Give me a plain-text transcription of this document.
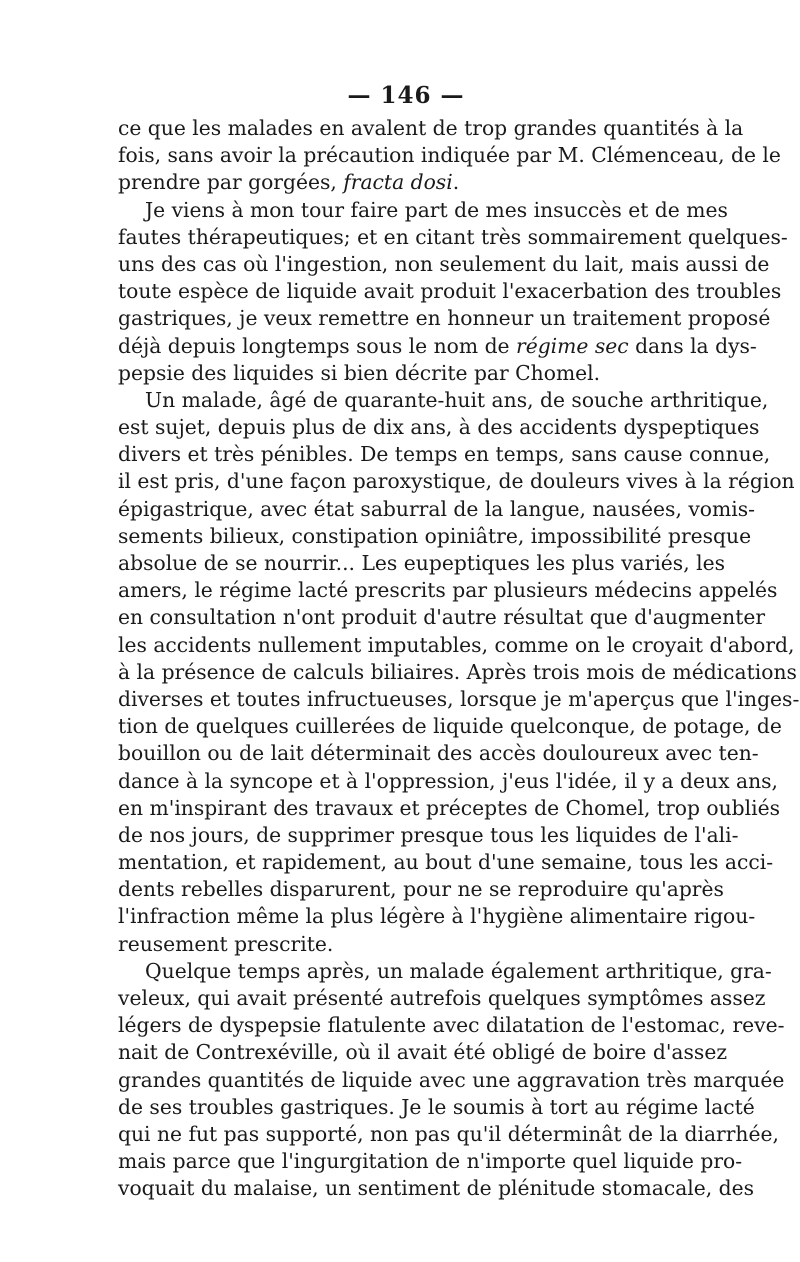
— 146 —
ce que les malades en avalent de trop grandes quantités à la
fois, sans avoir la précaution indiquée par M. Clémenceau, de le
prendre par gorgées, fracta dosi.
Je viens à mon tour faire part de mes insuccès et de mes
fautes thérapeutiques; et en citant très sommairement quelques-
uns des cas où l'ingestion, non seulement du lait, mais aussi de
toute espèce de liquide avait produit l'exacerbation des troubles
gastriques, je veux remettre en honneur un traitement proposé
déjà depuis longtemps sous le nom de régime sec dans la dys-
pepsie des liquides si bien décrite par Chomel.
Un malade, âgé de quarante-huit ans, de souche arthritique,
est sujet, depuis plus de dix ans, à des accidents dyspeptiques
divers et très pénibles. De temps en temps, sans cause connue,
il est pris, d'une façon paroxystique, de douleurs vives à la région
épigastrique, avec état saburral de la langue, nausées, vomis-
sements bilieux, constipation opiniâtre, impossibilité presque
absolue de se nourrir... Les eupeptiques les plus variés, les
amers, le régime lacté prescrits par plusieurs médecins appelés
en consultation n'ont produit d'autre résultat que d'augmenter
les accidents nullement imputables, comme on le croyait d'abord,
à la présence de calculs biliaires. Après trois mois de médications
diverses et toutes infructueuses, lorsque je m'aperçus que l'inges-
tion de quelques cuillerées de liquide quelconque, de potage, de
bouillon ou de lait déterminait des accès douloureux avec ten-
dance à la syncope et à l'oppression, j'eus l'idée, il y a deux ans,
en m'inspirant des travaux et préceptes de Chomel, trop oubliés
de nos jours, de supprimer presque tous les liquides de l'ali-
mentation, et rapidement, au bout d'une semaine, tous les acci-
dents rebelles disparurent, pour ne se reproduire qu'après
l'infraction même la plus légère à l'hygiène alimentaire rigou-
reusement prescrite.
Quelque temps après, un malade également arthritique, gra-
veleux, qui avait présenté autrefois quelques symptômes assez
légers de dyspepsie flatulente avec dilatation de l'estomac, reve-
nait de Contrexéville, où il avait été obligé de boire d'assez
grandes quantités de liquide avec une aggravation très marquée
de ses troubles gastriques. Je le soumis à tort au régime lacté
qui ne fut pas supporté, non pas qu'il déterminât de la diarrhée,
mais parce que l'ingurgitation de n'importe quel liquide pro-
voquait du malaise, un sentiment de plénitude stomacale, des
